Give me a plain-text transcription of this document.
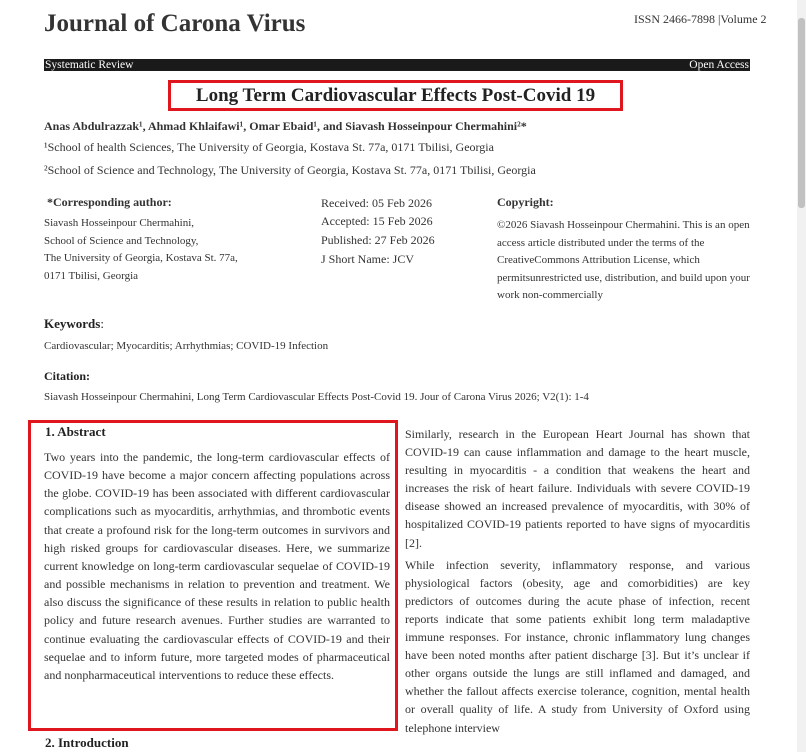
Journal of Carona Virus	ISSN 2466-7898 |Volume 2
Systematic Review	Open Access
Long Term Cardiovascular Effects Post-Covid 19
Anas Abdulrazzak¹, Ahmad Khlaifawi¹, Omar Ebaid¹, and Siavash Hosseinpour Chermahini²*
¹School of health Sciences, The University of Georgia, Kostava St. 77a, 0171 Tbilisi, Georgia
²School of Science and Technology, The University of Georgia, Kostava St. 77a, 0171 Tbilisi, Georgia
*Corresponding author:
Siavash Hosseinpour Chermahini,
School of Science and Technology,
The University of Georgia, Kostava St. 77a,
0171 Tbilisi, Georgia
Received: 05 Feb 2026
Accepted: 15 Feb 2026
Published: 27 Feb 2026
J Short Name: JCV
Copyright:
©2026 Siavash Hosseinpour Chermahini. This is an open access article distributed under the terms of the CreativeCommons Attribution License, which permitsunrestricted use, distribution, and build upon your work non-commercially
Keywords:
Cardiovascular; Myocarditis; Arrhythmias; COVID-19 Infection
Citation:
Siavash Hosseinpour Chermahini, Long Term Cardiovascular Effects Post-Covid 19. Jour of Carona Virus 2026; V2(1): 1-4
1. Abstract
Two years into the pandemic, the long-term cardiovascular effects of COVID-19 have become a major concern affecting populations across the globe. COVID-19 has been associated with different cardiovascular complications such as myocarditis, arrhythmias, and thrombotic events that create a profound risk for the long-term outcomes in survivors and high risked groups for cardiovascular diseases. Here, we summarize current knowledge on long-term cardiovascular sequelae of COVID-19 and possible mechanisms in relation to prevention and treatment. We also discuss the significance of these results in relation to public health policy and future research avenues. Further studies are warranted to continue evaluating the cardiovascular effects of COVID-19 and their sequelae and to inform future, more targeted modes of pharmaceutical and nonpharmaceutical interventions to reduce these effects.
2. Introduction

Similarly, research in the European Heart Journal has shown that COVID-19 can cause inflammation and damage to the heart muscle, resulting in myocarditis - a condition that weakens the heart and increases the risk of heart failure. Individuals with severe COVID-19 disease showed an increased prevalence of myocarditis, with 30% of hospitalized COVID-19 patients reported to have signs of myocarditis [2].

While infection severity, inflammatory response, and various physiological factors (obesity, age and comorbidities) are key predictors of outcomes during the acute phase of infection, recent reports indicate that some patients exhibit long term maladaptive immune responses. For instance, chronic inflammatory lung changes have been noted months after patient discharge [3]. But it’s unclear if other organs outside the lungs are still inflamed and damaged, and whether the fallout affects exercise tolerance, cognition, mental health or overall quality of life. A study from University of Oxford using telephone interview
